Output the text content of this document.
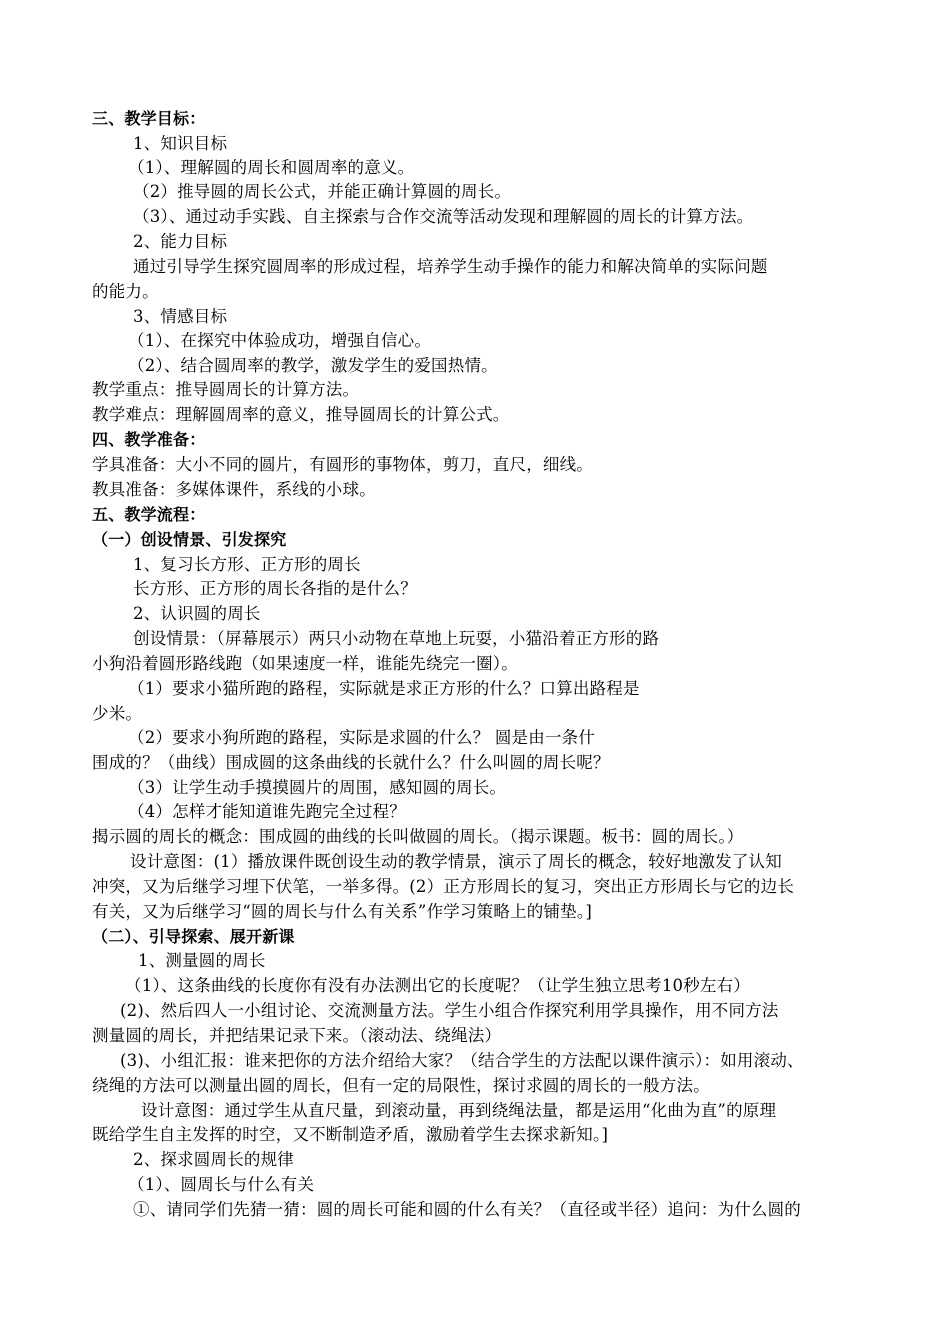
三、教学目标：
1、知识目标
（1）、理解圆的周长和圆周率的意义。
（2）推导圆的周长公式，并能正确计算圆的周长。
（3）、通过动手实践、自主探索与合作交流等活动发现和理解圆的周长的计算方法。
2、能力目标
通过引导学生探究圆周率的形成过程，培养学生动手操作的能力和解决简单的实际问题
的能力。
3、情感目标
（1）、在探究中体验成功，增强自信心。
（2）、结合圆周率的教学，激发学生的爱国热情。
教学重点：推导圆周长的计算方法。
教学难点：理解圆周率的意义，推导圆周长的计算公式。
四、教学准备：
学具准备：大小不同的圆片，有圆形的事物体，剪刀，直尺，细线。
教具准备：多媒体课件，系线的小球。
五、教学流程：
（一）创设情景、引发探究
1、复习长方形、正方形的周长
长方形、正方形的周长各指的是什么？
2、认识圆的周长
创设情景：（屏幕展示）两只小动物在草地上玩耍，小猫沿着正方形的路
小狗沿着圆形路线跑（如果速度一样，谁能先绕完一圈）。
（1）要求小猫所跑的路程，实际就是求正方形的什么？口算出路程是
少米。
（2）要求小狗所跑的路程，实际是求圆的什么？ 圆是由一条什
围成的？（曲线）围成圆的这条曲线的长就什么？什么叫圆的周长呢？
（3）让学生动手摸摸圆片的周围，感知圆的周长。
（4）怎样才能知道谁先跑完全过程？
揭示圆的周长的概念：围成圆的曲线的长叫做圆的周长。（揭示课题。板书：圆的周长。）
设计意图：(1）播放课件既创设生动的教学情景，演示了周长的概念，较好地激发了认知
冲突，又为后继学习埋下伏笔，一举多得。(2）正方形周长的复习，突出正方形周长与它的边长
有关，又为后继学习“圆的周长与什么有关系”作学习策略上的铺垫。]
（二）、引导探索、展开新课
1、测量圆的周长
（1）、这条曲线的长度你有没有办法测出它的长度呢？（让学生独立思考10秒左右）
(2)、然后四人一小组讨论、交流测量方法。学生小组合作探究利用学具操作，用不同方法
测量圆的周长，并把结果记录下来。（滚动法、绕绳法）
(3)、小组汇报：谁来把你的方法介绍给大家？（结合学生的方法配以课件演示）：如用滚动、
绕绳的方法可以测量出圆的周长，但有一定的局限性，探讨求圆的周长的一般方法。
设计意图：通过学生从直尺量，到滚动量，再到绕绳法量，都是运用“化曲为直”的原理
既给学生自主发挥的时空，又不断制造矛盾，激励着学生去探求新知。]
2、探求圆周长的规律
（1）、圆周长与什么有关
①、请同学们先猜一猜：圆的周长可能和圆的什么有关？（直径或半径）追问：为什么圆的
